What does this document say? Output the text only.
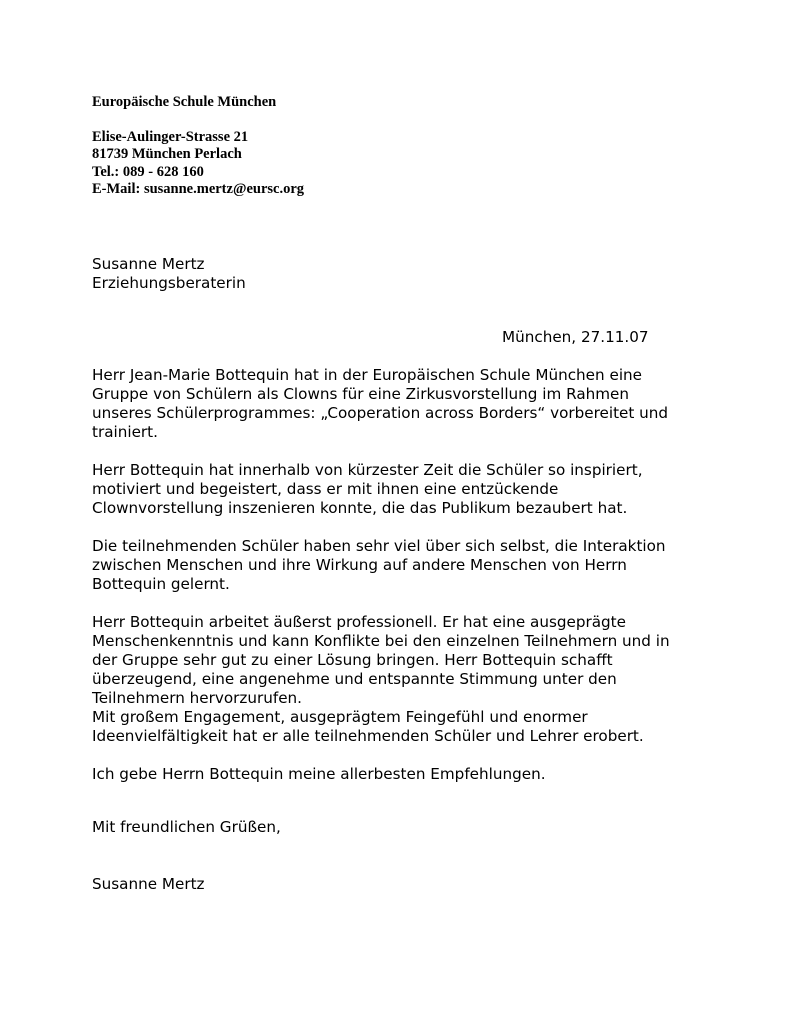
Europäische Schule München
Elise-Aulinger-Strasse 21
81739 München Perlach
Tel.: 089 - 628 160
E-Mail: susanne.mertz@eursc.org
Susanne Mertz
Erziehungsberaterin
München, 27.11.07

Herr Jean-Marie Bottequin hat in der Europäischen Schule München eine
Gruppe von Schülern als Clowns für eine Zirkusvorstellung im Rahmen
unseres Schülerprogrammes: „Cooperation across Borders“ vorbereitet und
trainiert.

Herr Bottequin hat innerhalb von kürzester Zeit die Schüler so inspiriert,
motiviert und begeistert, dass er mit ihnen eine entzückende
Clownvorstellung inszenieren konnte, die das Publikum bezaubert hat.

Die teilnehmenden Schüler haben sehr viel über sich selbst, die Interaktion
zwischen Menschen und ihre Wirkung auf andere Menschen von Herrn
Bottequin gelernt.

Herr Bottequin arbeitet äußerst professionell. Er hat eine ausgeprägte
Menschenkenntnis und kann Konflikte bei den einzelnen Teilnehmern und in
der Gruppe sehr gut zu einer Lösung bringen. Herr Bottequin schafft
überzeugend, eine angenehme und entspannte Stimmung unter den
Teilnehmern hervorzurufen.
Mit großem Engagement, ausgeprägtem Feingefühl und enormer
Ideenvielfältigkeit hat er alle teilnehmenden Schüler und Lehrer erobert.

Ich gebe Herrn Bottequin meine allerbesten Empfehlungen.

Mit freundlichen Grüßen,
Susanne Mertz
